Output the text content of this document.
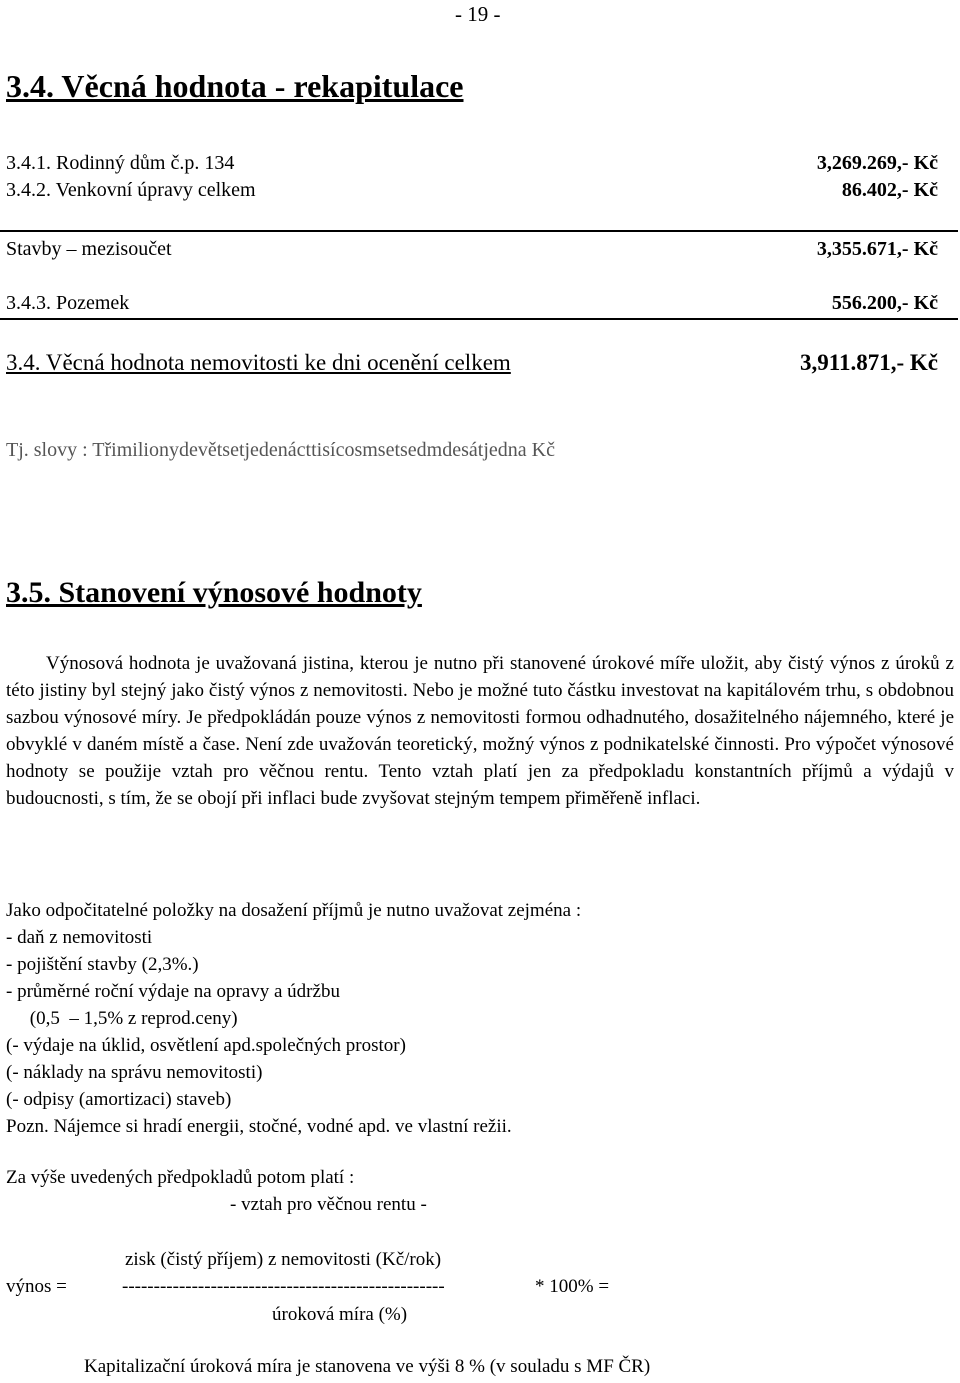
- 19 -
3.4. Věcná hodnota - rekapitulace
3.4.1. Rodinný dům č.p. 134	3,269.269,- Kč
3.4.2. Venkovní úpravy celkem	86.402,- Kč
Stavby – mezisoučet	3,355.671,- Kč
3.4.3. Pozemek	556.200,- Kč
3.4. Věcná hodnota nemovitosti ke dni ocenění celkem	3,911.871,- Kč
Tj. slovy : Třimilionydevětsetjedenácttisícosmsetsedmdesátjedna Kč
3.5. Stanovení výnosové hodnoty

Výnosová hodnota je uvažovaná jistina, kterou je nutno při stanovené úrokové míře uložit, aby čistý výnos z úroků z této jistiny byl stejný jako čistý výnos z nemovitosti. Nebo je možné tuto částku investovat na kapitálovém trhu, s obdobnou sazbou výnosové míry. Je předpokládán pouze výnos z nemovitosti formou odhadnutého, dosažitelného nájemného, které je obvyklé v daném místě a čase. Není zde uvažován teoretický, možný výnos z podnikatelské činnosti. Pro výpočet výnosové hodnoty se použije vztah pro věčnou rentu. Tento vztah platí jen za předpokladu konstantních příjmů a výdajů v budoucnosti, s tím, že se obojí při inflaci bude zvyšovat stejným tempem přiměřeně inflaci.

Jako odpočitatelné položky na dosažení příjmů je nutno uvažovat zejména :
- daň z nemovitosti
- pojištění stavby (2,3%.)
- průměrné roční výdaje na opravy a údržbu
(0,5  – 1,5% z reprod.ceny)
(- výdaje na úklid, osvětlení apd.společných prostor)
(- náklady na správu nemovitosti)
(- odpisy (amortizaci) staveb)
Pozn. Nájemce si hradí energii, stočné, vodné apd. ve vlastní režii.
Za výše uvedených předpokladů potom platí :
- vztah pro věčnou rentu -
zisk (čistý příjem) z nemovitosti (Kč/rok)
výnos =	---------------------------------------------------	* 100% =
úroková míra (%)
Kapitalizační úroková míra je stanovena ve výši 8 % (v souladu s MF ČR)
